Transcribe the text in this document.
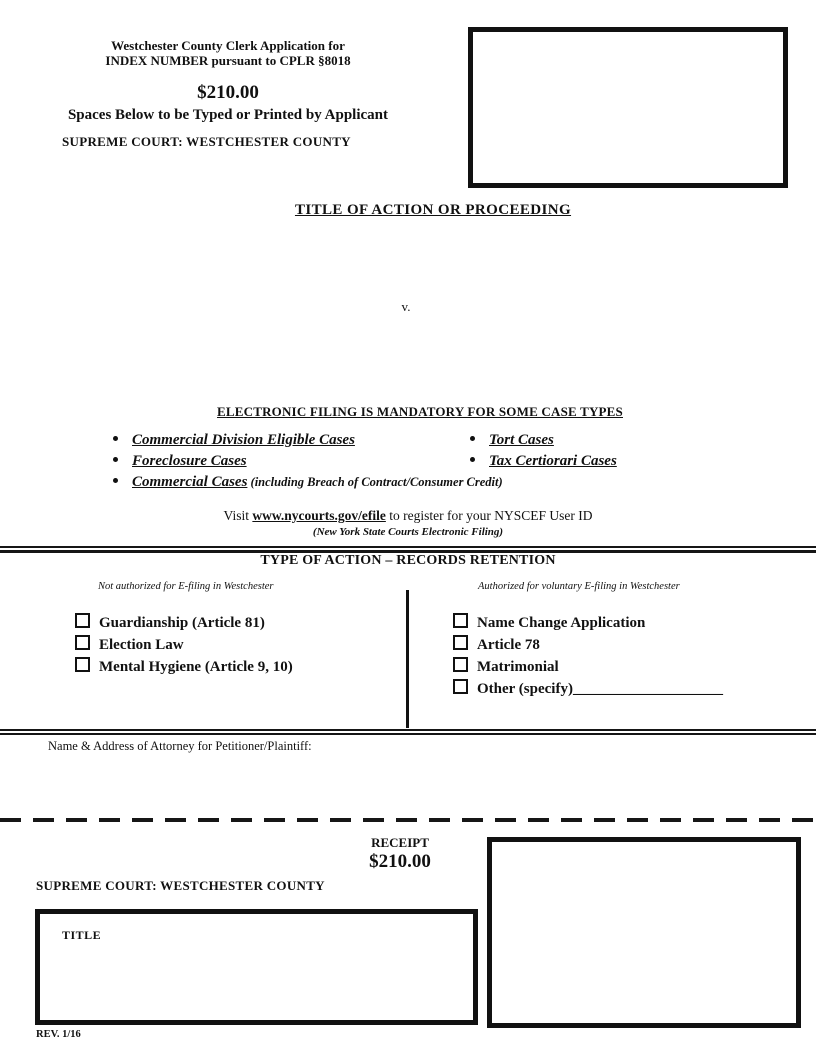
Westchester County Clerk Application for
INDEX NUMBER pursuant to CPLR §8018
$210.00
Spaces Below to be Typed or Printed by Applicant
SUPREME COURT: WESTCHESTER COUNTY
TITLE OF ACTION OR PROCEEDING
v.
ELECTRONIC FILING IS MANDATORY FOR SOME CASE TYPES
Commercial Division Eligible Cases
Foreclosure Cases
Commercial Cases (including Breach of Contract/Consumer Credit)
Tort Cases
Tax Certiorari Cases
Visit www.nycourts.gov/efile to register for your NYSCEF User ID
(New York State Courts Electronic Filing)
TYPE OF ACTION – RECORDS RETENTION
Not authorized for E-filing in Westchester	Authorized for voluntary E-filing in Westchester
Guardianship (Article 81)
Election Law
Mental Hygiene (Article 9, 10)
Name Change Application
Article 78
Matrimonial
Other (specify)____________________
Name & Address of Attorney for Petitioner/Plaintiff:
RECEIPT
$210.00
SUPREME COURT: WESTCHESTER COUNTY
TITLE
REV. 1/16
